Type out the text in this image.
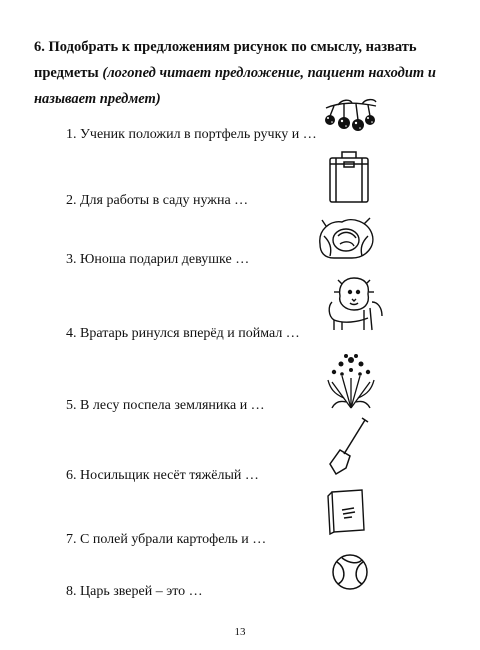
6. Подобрать к предложениям рисунок по смыслу, назвать предметы (логопед читает предложение, пациент находит и называет предмет)
1. Ученик положил в портфель ручку и …
2. Для работы в саду нужна …
3. Юноша подарил девушке …
4. Вратарь ринулся вперёд и поймал …
5. В лесу поспела земляника и …
6. Носильщик несёт тяжёлый …
7. С полей убрали картофель и …
8. Царь зверей – это …
13
